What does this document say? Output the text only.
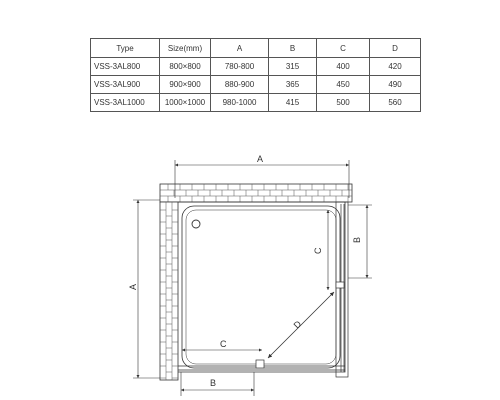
Type	Size(mm)	A	B	C	D
VSS-3AL800	800×800	780-800	315	400	420
VSS-3AL900	900×900	880-900	365	450	490
VSS-3AL1000	1000×1000	980-1000	415	500	560
D
A
A
B
C
C
B
